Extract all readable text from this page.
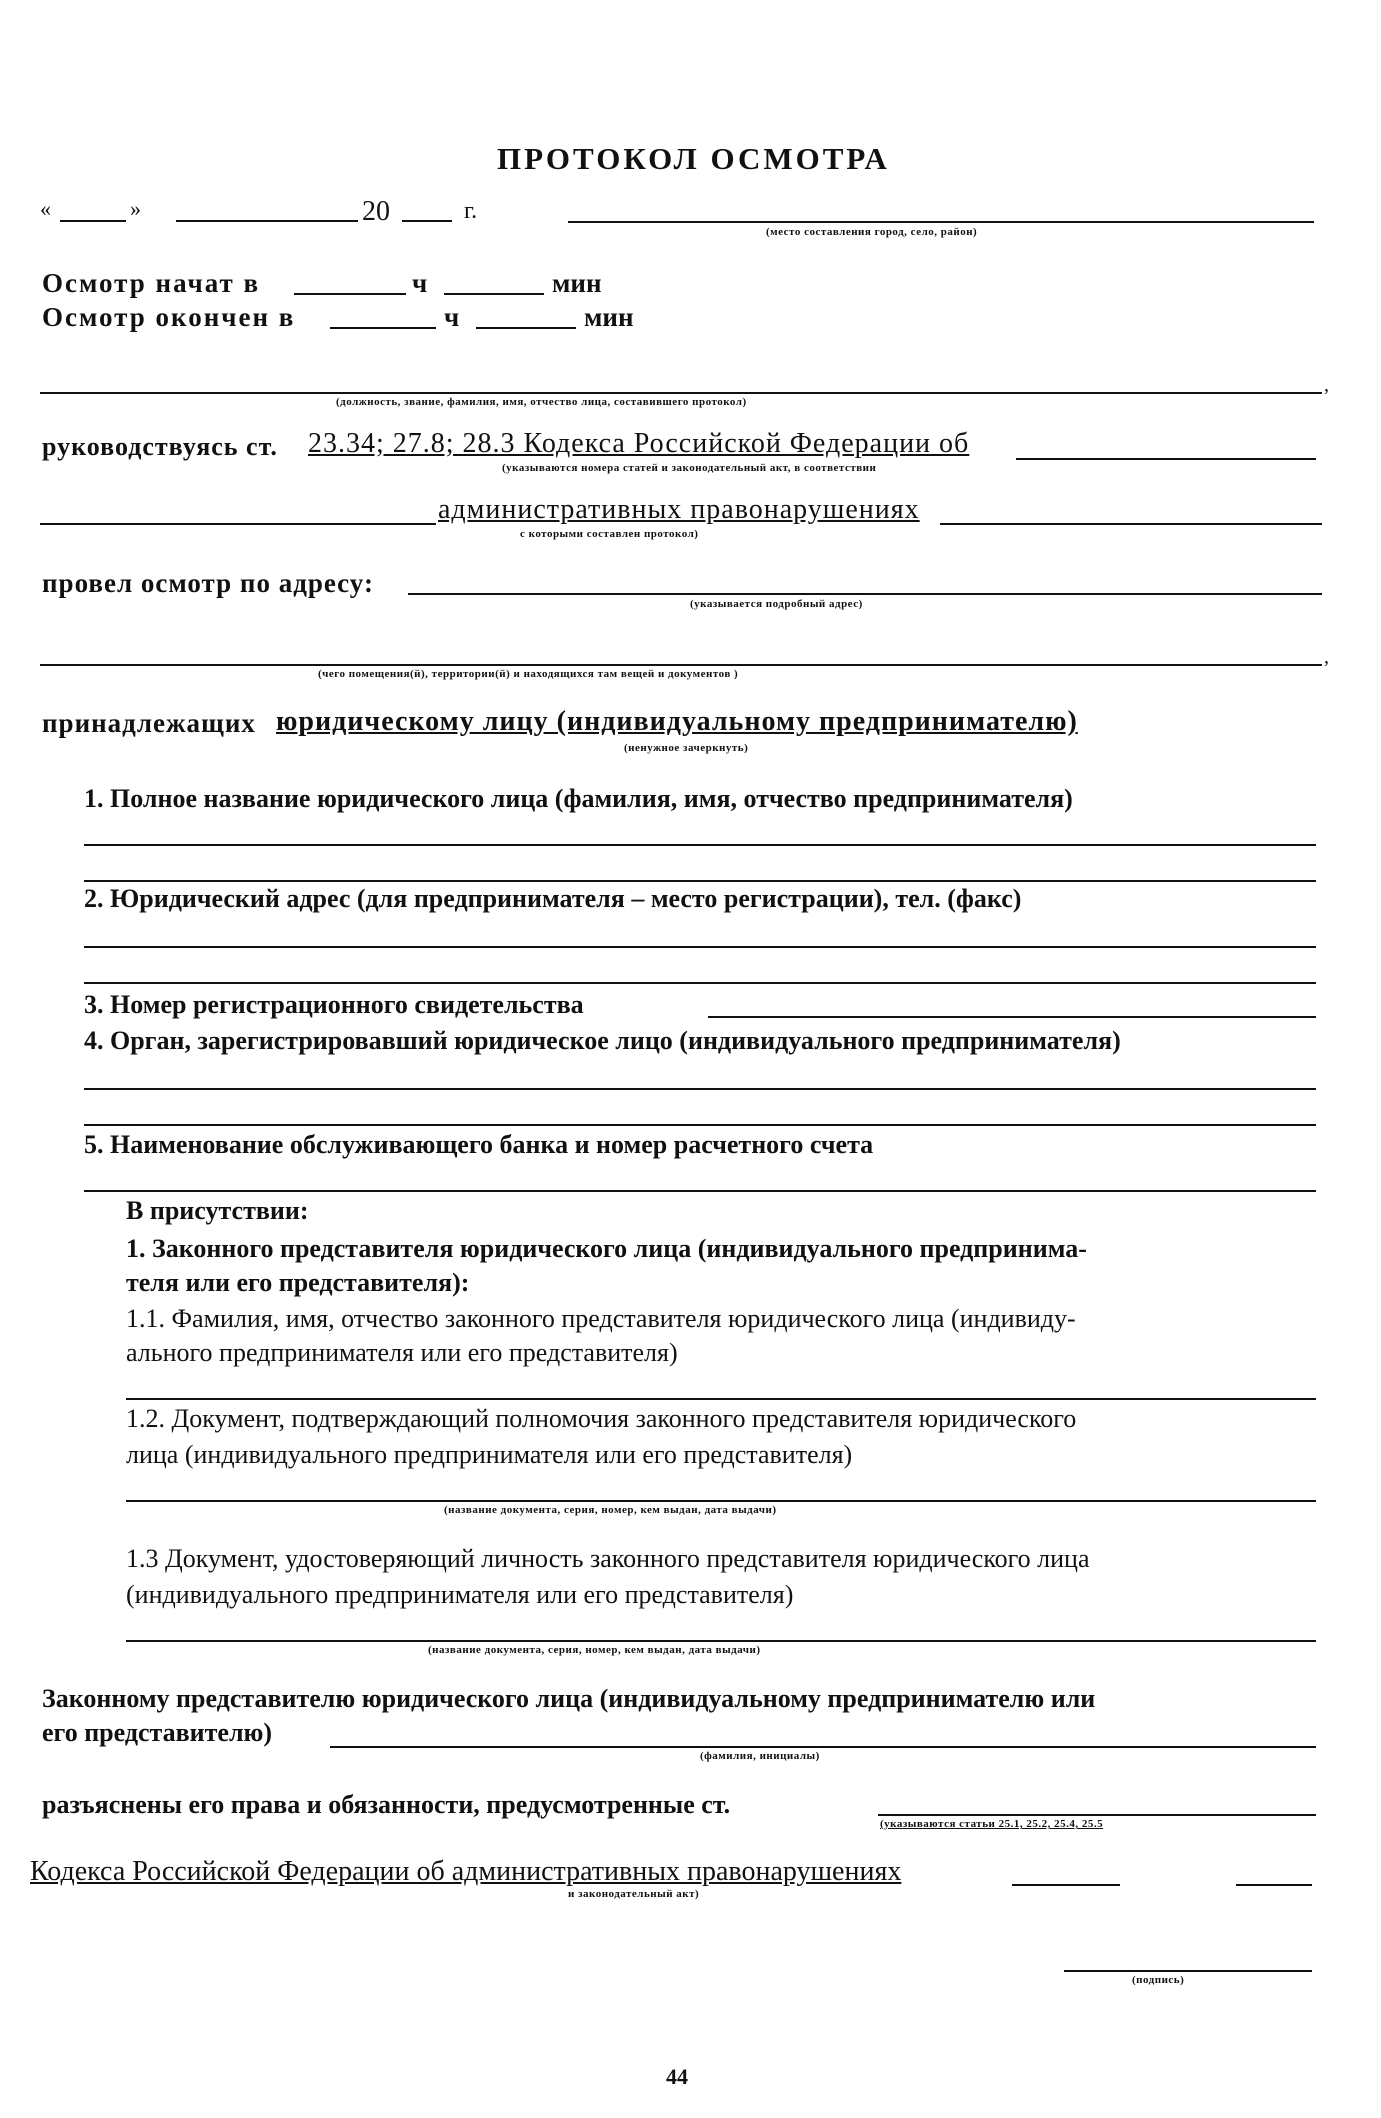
ПРОТОКОЛ ОСМОТРА
«	»	20	г.
(место составления город, село, район)
Осмотр начат в	ч	мин
Осмотр окончен в	ч	мин
,
(должность, звание, фамилия, имя, отчество лица, составившего протокол)
руководствуясь ст. 23.34; 27.8; 28.3 Кодекса Российской Федерации об
(указываются номера статей и законодательный акт, в соответствии
административных правонарушениях
с которыми составлен протокол)
провел осмотр по адресу:
(указывается подробный адрес)
,
(чего помещения(й), территории(й) и находящихся там вещей и документов )
принадлежащих юридическому лицу (индивидуальному предпринимателю)
(ненужное зачеркнуть)
1. Полное название юридического лица (фамилия, имя, отчество предпринимателя)
2. Юридический адрес (для предпринимателя – место регистрации), тел. (факс)
3. Номер регистрационного свидетельства
4. Орган, зарегистрировавший юридическое лицо (индивидуального предпринимателя)
5. Наименование обслуживающего банка и номер расчетного счета
В присутствии:
1. Законного представителя юридического лица (индивидуального предпринима-
теля или его представителя):
1.1. Фамилия, имя, отчество законного представителя юридического лица (индивиду-
ального предпринимателя или его представителя)
1.2. Документ, подтверждающий полномочия законного представителя юридического
лица (индивидуального предпринимателя или его представителя)
(название документа, серия, номер, кем выдан, дата выдачи)
1.3 Документ, удостоверяющий личность законного представителя юридического лица
(индивидуального предпринимателя или его представителя)
(название документа, серия, номер, кем выдан, дата выдачи)
Законному представителю юридического лица (индивидуальному предпринимателю или
его представителю)
(фамилия, инициалы)
разъяснены его права и обязанности, предусмотренные ст.
(указываются статьи 25.1, 25.2, 25.4, 25.5
Кодекса Российской Федерации об административных правонарушениях
и законодательный акт)
(подпись)
44
